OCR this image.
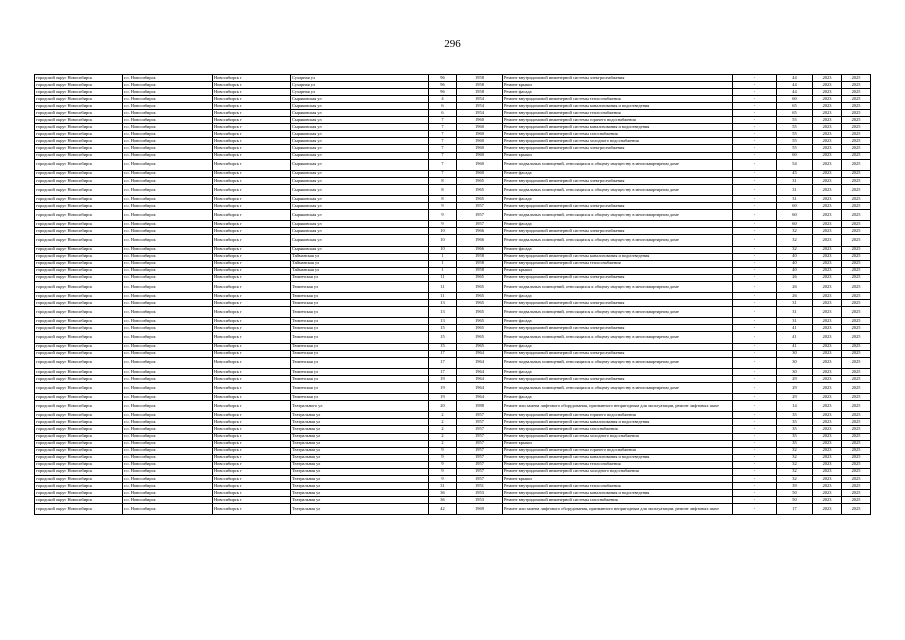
296
городской округ Новосибирск	г.о. Новосибирск	Новосибирск г	Сухарная ул	96	1958	Ремонт внутридомовой инженерной системы электроснабжения	-	44	2023	2025
городской округ Новосибирск	г.о. Новосибирск	Новосибирск г	Сухарная ул	96	1958	Ремонт крыши	-	44	2023	2025
городской округ Новосибирск	г.о. Новосибирск	Новосибирск г	Сухарная ул	96	1958	Ремонт фасада	-	44	2023	2025
городской округ Новосибирск	г.о. Новосибирск	Новосибирск г	Сыряковская ул	4	1954	Ремонт внутридомовой инженерной системы теплоснабжения	-	60	2023	2025
городской округ Новосибирск	г.о. Новосибирск	Новосибирск г	Сыряковская ул	6	1954	Ремонт внутридомовой инженерной системы канализования и водоотведения	-	65	2023	2025
городской округ Новосибирск	г.о. Новосибирск	Новосибирск г	Сыряковская ул	6	1954	Ремонт внутридомовой инженерной системы теплоснабжения	-	65	2023	2025
городской округ Новосибирск	г.о. Новосибирск	Новосибирск г	Сыряковская ул	7	1960	Ремонт внутридомовой инженерной системы горячего водоснабжения	-	55	2023	2025
городской округ Новосибирск	г.о. Новосибирск	Новосибирск г	Сыряковская ул	7	1960	Ремонт внутридомовой инженерной системы канализования и водоотведения	-	55	2023	2025
городской округ Новосибирск	г.о. Новосибирск	Новосибирск г	Сыряковская ул	7	1960	Ремонт внутридомовой инженерной системы газоснабжения	-	55	2023	2025
городской округ Новосибирск	г.о. Новосибирск	Новосибирск г	Сыряковская ул	7	1960	Ремонт внутридомовой инженерной системы холодного водоснабжения	-	55	2023	2025
городской округ Новосибирск	г.о. Новосибирск	Новосибирск г	Сыряковская ул	7	1960	Ремонт внутридомовой инженерной системы электроснабжения	-	55	2023	2025
городской округ Новосибирск	г.о. Новосибирск	Новосибирск г	Сыряковская ул	7	1960	Ремонт крыши	-	60	2023	2025
городской округ Новосибирск	г.о. Новосибирск	Новосибирск г	Сыряковская ул	7	1960	Ремонт подвальных помещений, относящихся к общему имуществу в многоквартирном доме	-	54	2023	2025
городской округ Новосибирск	г.о. Новосибирск	Новосибирск г	Сыряковская ул	7	1960	Ремонт фасада	-	45	2023	2025
городской округ Новосибирск	г.о. Новосибирск	Новосибирск г	Сыряковская ул	8	1965	Ремонт внутридомовой инженерной системы электроснабжения	-	31	2023	2025
городской округ Новосибирск	г.о. Новосибирск	Новосибирск г	Сыряковская ул	8	1965	Ремонт подвальных помещений, относящихся к общему имуществу в многоквартирном доме	-	31	2023	2025
городской округ Новосибирск	г.о. Новосибирск	Новосибирск г	Сыряковская ул	8	1965	Ремонт фасада	-	31	2023	2025
городской округ Новосибирск	г.о. Новосибирск	Новосибирск г	Сыряковская ул	9	1957	Ремонт внутридомовой инженерной системы электроснабжения	-	60	2023	2025
городской округ Новосибирск	г.о. Новосибирск	Новосибирск г	Сыряковская ул	9	1957	Ремонт подвальных помещений, относящихся к общему имуществу в многоквартирном доме	-	60	2023	2025
городской округ Новосибирск	г.о. Новосибирск	Новосибирск г	Сыряковская ул	9	1957	Ремонт фасада	-	60	2023	2025
городской округ Новосибирск	г.о. Новосибирск	Новосибирск г	Сыряковская ул	10	1966	Ремонт внутридомовой инженерной системы электроснабжения	-	32	2023	2025
городской округ Новосибирск	г.о. Новосибирск	Новосибирск г	Сыряковская ул	10	1966	Ремонт подвальных помещений, относящихся к общему имуществу в многоквартирном доме	-	32	2023	2025
городской округ Новосибирск	г.о. Новосибирск	Новосибирск г	Сыряковская ул	10	1966	Ремонт фасада	-	32	2023	2025
городской округ Новосибирск	г.о. Новосибирск	Новосибирск г	Тайманская ул	1	1958	Ремонт внутридомовой инженерной системы канализования и водоотведения	-	40	2023	2025
городской округ Новосибирск	г.о. Новосибирск	Новосибирск г	Тайманская ул	1	1958	Ремонт внутридомовой инженерной системы теплоснабжения	-	40	2023	2025
городской округ Новосибирск	г.о. Новосибирск	Новосибирск г	Тайманская ул	1	1958	Ремонт крыши	-	40	2023	2025
городской округ Новосибирск	г.о. Новосибирск	Новосибирск г	Тюменская ул	11	1965	Ремонт внутридомовой инженерной системы электроснабжения	-	26	2023	2025
городской округ Новосибирск	г.о. Новосибирск	Новосибирск г	Тюменская ул	11	1965	Ремонт подвальных помещений, относящихся к общему имуществу в многоквартирном доме	-	26	2023	2025
городской округ Новосибирск	г.о. Новосибирск	Новосибирск г	Тюменская ул	11	1965	Ремонт фасада	-	26	2023	2025
городской округ Новосибирск	г.о. Новосибирск	Новосибирск г	Тюменская ул	13	1965	Ремонт внутридомовой инженерной системы электроснабжения	-	31	2023	2025
городской округ Новосибирск	г.о. Новосибирск	Новосибирск г	Тюменская ул	13	1965	Ремонт подвальных помещений, относящихся к общему имуществу в многоквартирном доме	-	31	2023	2025
городской округ Новосибирск	г.о. Новосибирск	Новосибирск г	Тюменская ул	13	1965	Ремонт фасада	-	31	2023	2025
городской округ Новосибирск	г.о. Новосибирск	Новосибирск г	Тюменская ул	15	1965	Ремонт внутридомовой инженерной системы электроснабжения	-	41	2023	2025
городской округ Новосибирск	г.о. Новосибирск	Новосибирск г	Тюменская ул	15	1965	Ремонт подвальных помещений, относящихся к общему имуществу в многоквартирном доме	-	41	2023	2025
городской округ Новосибирск	г.о. Новосибирск	Новосибирск г	Тюменская ул	15	1965	Ремонт фасада	-	41	2023	2025
городской округ Новосибирск	г.о. Новосибирск	Новосибирск г	Тюменская ул	17	1964	Ремонт внутридомовой инженерной системы электроснабжения	-	30	2023	2025
городской округ Новосибирск	г.о. Новосибирск	Новосибирск г	Тюменская ул	17	1964	Ремонт подвальных помещений, относящихся к общему имуществу в многоквартирном доме	-	30	2023	2025
городской округ Новосибирск	г.о. Новосибирск	Новосибирск г	Тюменская ул	17	1964	Ремонт фасада	-	30	2023	2025
городской округ Новосибирск	г.о. Новосибирск	Новосибирск г	Тюменская ул	19	1964	Ремонт внутридомовой инженерной системы электроснабжения	-	29	2023	2025
городской округ Новосибирск	г.о. Новосибирск	Новосибирск г	Тюменская ул	19	1964	Ремонт подвальных помещений, относящихся к общему имуществу в многоквартирном доме	-	29	2023	2025
городской округ Новосибирск	г.о. Новосибирск	Новосибирск г	Тюменская ул	19	1964	Ремонт фасада	-	29	2023	2025
городской округ Новосибирск	г.о. Новосибирск	Новосибирск г	Театрального ул	20	1988	Ремонт или замена лифтового оборудования, признанного непригодным для эксплуатации, ремонт лифтовых шахт	-	14	2023	2025
городской округ Новосибирск	г.о. Новосибирск	Новосибирск г	Театральная ул	2	1957	Ремонт внутридомовой инженерной системы горячего водоснабжения	-	35	2023	2025
городской округ Новосибирск	г.о. Новосибирск	Новосибирск г	Театральная ул	2	1957	Ремонт внутридомовой инженерной системы канализования и водоотведения	-	35	2023	2025
городской округ Новосибирск	г.о. Новосибирск	Новосибирск г	Театральная ул	2	1957	Ремонт внутридомовой инженерной системы газоснабжения	-	35	2023	2025
городской округ Новосибирск	г.о. Новосибирск	Новосибирск г	Театральная ул	2	1957	Ремонт внутридомовой инженерной системы холодного водоснабжения	-	35	2023	2025
городской округ Новосибирск	г.о. Новосибирск	Новосибирск г	Театральная ул	2	1957	Ремонт крыши	-	35	2023	2025
городской округ Новосибирск	г.о. Новосибирск	Новосибирск г	Театральная ул	9	1957	Ремонт внутридомовой инженерной системы горячего водоснабжения	-	32	2023	2025
городской округ Новосибирск	г.о. Новосибирск	Новосибирск г	Театральная ул	9	1957	Ремонт внутридомовой инженерной системы канализования и водоотведения	-	32	2023	2025
городской округ Новосибирск	г.о. Новосибирск	Новосибирск г	Театральная ул	9	1957	Ремонт внутридомовой инженерной системы теплоснабжения	-	32	2023	2025
городской округ Новосибирск	г.о. Новосибирск	Новосибирск г	Театральная ул	9	1957	Ремонт внутридомовой инженерной системы холодного водоснабжения	-	32	2023	2025
городской округ Новосибирск	г.о. Новосибирск	Новосибирск г	Театральная ул	9	1957	Ремонт крыши	-	32	2023	2025
городской округ Новосибирск	г.о. Новосибирск	Новосибирск г	Театральная ул	31	1951	Ремонт внутридомовой инженерной системы теплоснабжения	-	39	2023	2025
городской округ Новосибирск	г.о. Новосибирск	Новосибирск г	Театральная ул	36	1953	Ремонт внутридомовой инженерной системы канализования и водоотведения	-	50	2023	2025
городской округ Новосибирск	г.о. Новосибирск	Новосибирск г	Театральная ул	36	1953	Ремонт внутридомовой инженерной системы газоснабжения	-	50	2023	2025
городской округ Новосибирск	г.о. Новосибирск	Новосибирск г	Театральная ул	42	1969	Ремонт или замена лифтового оборудования, признанного непригодным для эксплуатации, ремонт лифтовых шахт	-	17	2023	2025
